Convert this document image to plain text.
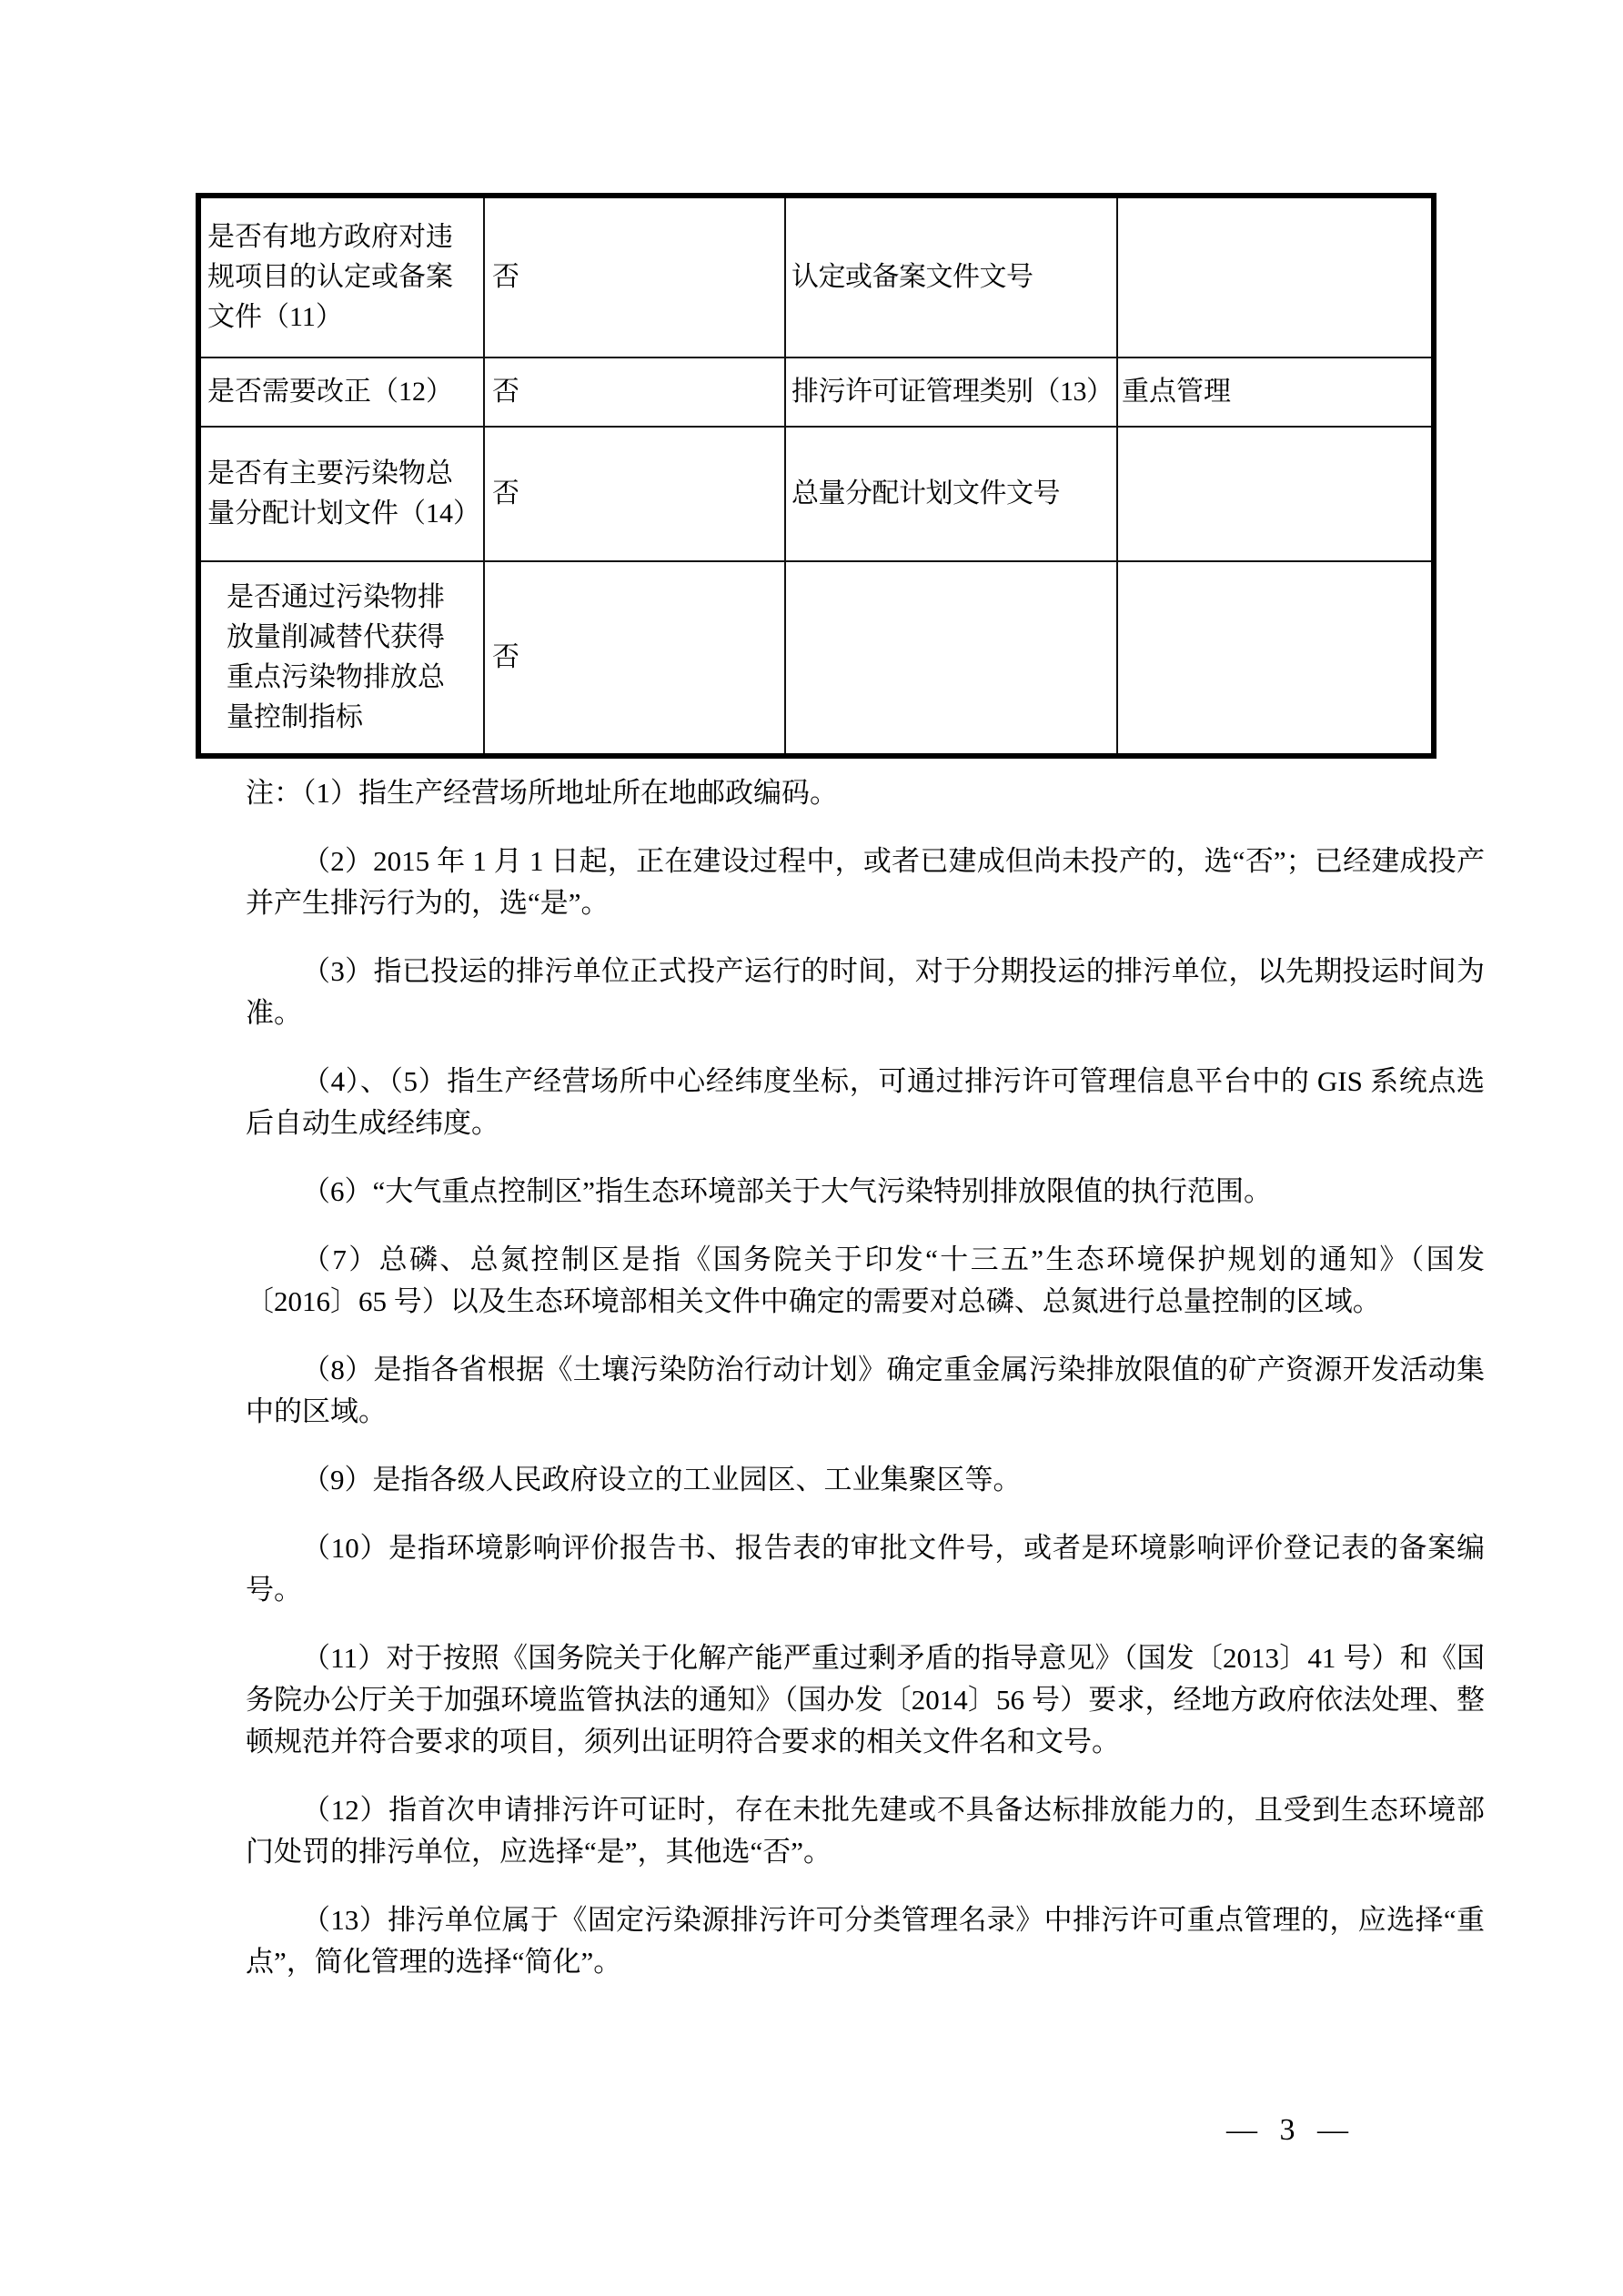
是否有地方政府对违规项目的认定或备案文件（11）	否	认定或备案文件文号	
是否需要改正（12）	否	排污许可证管理类别（13）	重点管理
是否有主要污染物总量分配计划文件（14）	否	总量分配计划文件文号	
是否通过污染物排放量削减替代获得重点污染物排放总量控制指标	否		

注：（1）指生产经营场所地址所在地邮政编码。

（2）2015 年 1 月 1 日起，正在建设过程中，或者已建成但尚未投产的，选“否”；已经建成投产并产生排污行为的，选“是”。

（3）指已投运的排污单位正式投产运行的时间，对于分期投运的排污单位，以先期投运时间为准。

（4）、（5）指生产经营场所中心经纬度坐标，可通过排污许可管理信息平台中的 GIS 系统点选后自动生成经纬度。

（6）“大气重点控制区”指生态环境部关于大气污染特别排放限值的执行范围。

（7）总磷、总氮控制区是指《国务院关于印发“十三五”生态环境保护规划的通知》（国发〔2016〕65 号）以及生态环境部相关文件中确定的需要对总磷、总氮进行总量控制的区域。

（8）是指各省根据《土壤污染防治行动计划》确定重金属污染排放限值的矿产资源开发活动集中的区域。

（9）是指各级人民政府设立的工业园区、工业集聚区等。

（10）是指环境影响评价报告书、报告表的审批文件号，或者是环境影响评价登记表的备案编号。

（11）对于按照《国务院关于化解产能严重过剩矛盾的指导意见》（国发〔2013〕41 号）和《国务院办公厅关于加强环境监管执法的通知》（国办发〔2014〕56 号）要求，经地方政府依法处理、整顿规范并符合要求的项目，须列出证明符合要求的相关文件名和文号。

（12）指首次申请排污许可证时，存在未批先建或不具备达标排放能力的，且受到生态环境部门处罚的排污单位，应选择“是”，其他选“否”。

（13）排污单位属于《固定污染源排污许可分类管理名录》中排污许可重点管理的，应选择“重点”，简化管理的选择“简化”。

— 3 —
